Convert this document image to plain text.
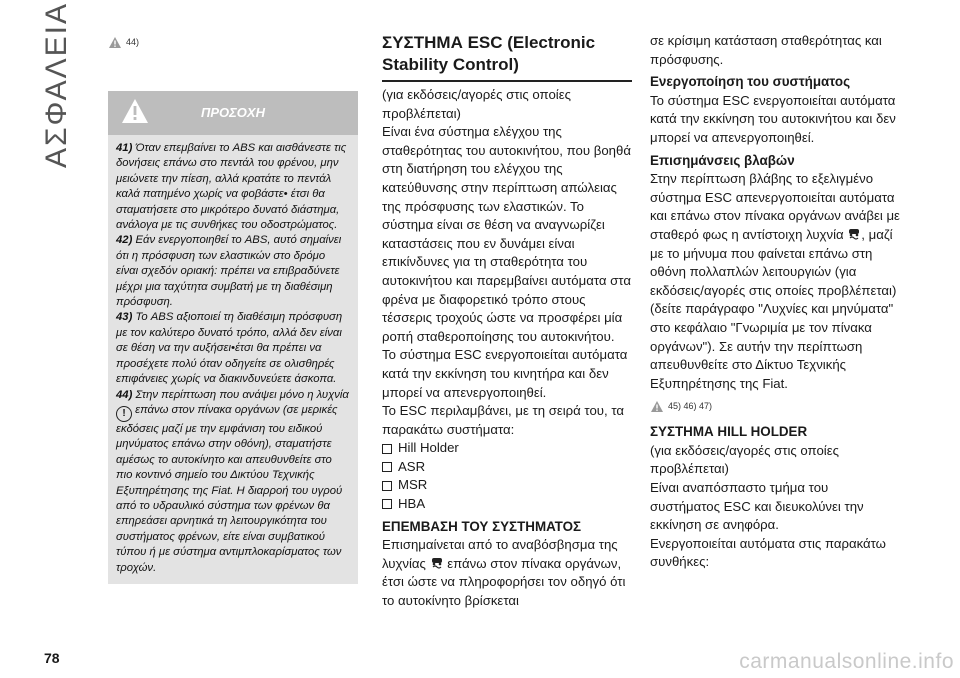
ΑΣΦΑΛΕΙΑ	44)
ΠΡΟΣΟΧΗ

41) Όταν επεμβαίνει το ABS και αισθάνεστε τις δονήσεις επάνω στο πεντάλ του φρένου, μην μειώνετε την πίεση, αλλά κρατάτε το πεντάλ καλά πατημένο χωρίς να φοβάστε• έτσι θα σταματήσετε στο μικρότερο δυνατό διάστημα, ανάλογα με τις συνθήκες του οδοστρώματος.

42) Εάν ενεργοποιηθεί το ABS, αυτό σημαίνει ότι η πρόσφυση των ελαστικών στο δρόμο είναι σχεδόν οριακή: πρέπει να επιβραδύνετε μέχρι μια ταχύτητα συμβατή με τη διαθέσιμη πρόσφυση.

43) Το ABS αξιοποιεί τη διαθέσιμη πρόσφυση με τον καλύτερο δυνατό τρόπο, αλλά δεν είναι σε θέση να την αυξήσει•έτσι θα πρέπει να προσέχετε πολύ όταν οδηγείτε σε ολισθηρές επιφάνειες χωρίς να διακινδυνεύετε άσκοπα.

44) Στην περίπτωση που ανάψει μόνο η λυχνία ! επάνω στον πίνακα οργάνων (σε μερικές εκδόσεις μαζί με την εμφάνιση του ειδικού μηνύματος επάνω στην οθόνη), σταματήστε αμέσως το αυτοκίνητο και απευθυνθείτε στο πιο κοντινό σημείο του Δικτύου Τεχνικής Εξυπηρέτησης της Fiat. Η διαρροή του υγρού από το υδραυλικό σύστημα των φρένων θα επηρεάσει αρνητικά τη λειτουργικότητα του συστήματος φρένων, είτε είναι συμβατικού τύπου ή με σύστημα αντιμπλοκαρίσματος των τροχών.

ΣΥΣΤΗΜΑ ESC (Electronic Stability Control)

(για εκδόσεις/αγορές στις οποίες προβλέπεται)

Είναι ένα σύστημα ελέγχου της σταθερότητας του αυτοκινήτου, που βοηθά στη διατήρηση του ελέγχου της κατεύθυνσης στην περίπτωση απώλειας της πρόσφυσης των ελαστικών. Το σύστημα είναι σε θέση να αναγνωρίζει καταστάσεις που εν δυνάμει είναι επικίνδυνες για τη σταθερότητα του αυτοκινήτου και παρεμβαίνει αυτόματα στα φρένα με διαφορετικό τρόπο στους τέσσερις τροχούς ώστε να προσφέρει μία ροπή σταθεροποίησης του αυτοκινήτου.

Το σύστημα ESC ενεργοποιείται αυτόματα κατά την εκκίνηση του κινητήρα και δεν μπορεί να απενεργοποιηθεί.

Το ESC περιλαμβάνει, με τη σειρά του, τα παρακάτω συστήματα:

Hill Holder
ASR
MSR
HBA
ΕΠΕΜΒΑΣΗ ΤΟΥ ΣΥΣΤΗΜΑΤΟΣ

Επισημαίνεται από το αναβόσβησμα της λυχνίας  επάνω στον πίνακα οργάνων, έτσι ώστε να πληροφορήσει τον οδηγό ότι το αυτοκίνητο βρίσκεται

σε κρίσιμη κατάσταση σταθερότητας και πρόσφυσης.

Ενεργοποίηση του συστήματος

Το σύστημα ESC ενεργοποιείται αυτόματα κατά την εκκίνηση του αυτοκινήτου και δεν μπορεί να απενεργοποιηθεί.

Επισημάνσεις βλαβών

Στην περίπτωση βλάβης το εξελιγμένο σύστημα ESC απενεργοποιείται αυτόματα και επάνω στον πίνακα οργάνων ανάβει με σταθερό φως η αντίστοιχη λυχνία , μαζί με το μήνυμα που φαίνεται επάνω στη οθόνη πολλαπλών λειτουργιών (για εκδόσεις/αγορές στις οποίες προβλέπεται) (δείτε παράγραφο "Λυχνίες και μηνύματα" στο κεφάλαιο "Γνωριμία με τον πίνακα οργάνων"). Σε αυτήν την περίπτωση απευθυνθείτε στο Δίκτυο Τεχνικής Εξυπηρέτησης της Fiat.

45) 46) 47)
ΣΥΣΤΗΜΑ HILL HOLDER

(για εκδόσεις/αγορές στις οποίες προβλέπεται)

Είναι αναπόσπαστο τμήμα του συστήματος ESC και διευκολύνει την εκκίνηση σε ανηφόρα.

Ενεργοποιείται αυτόματα στις παρακάτω συνθήκες:

78	carmanualsonline.info
